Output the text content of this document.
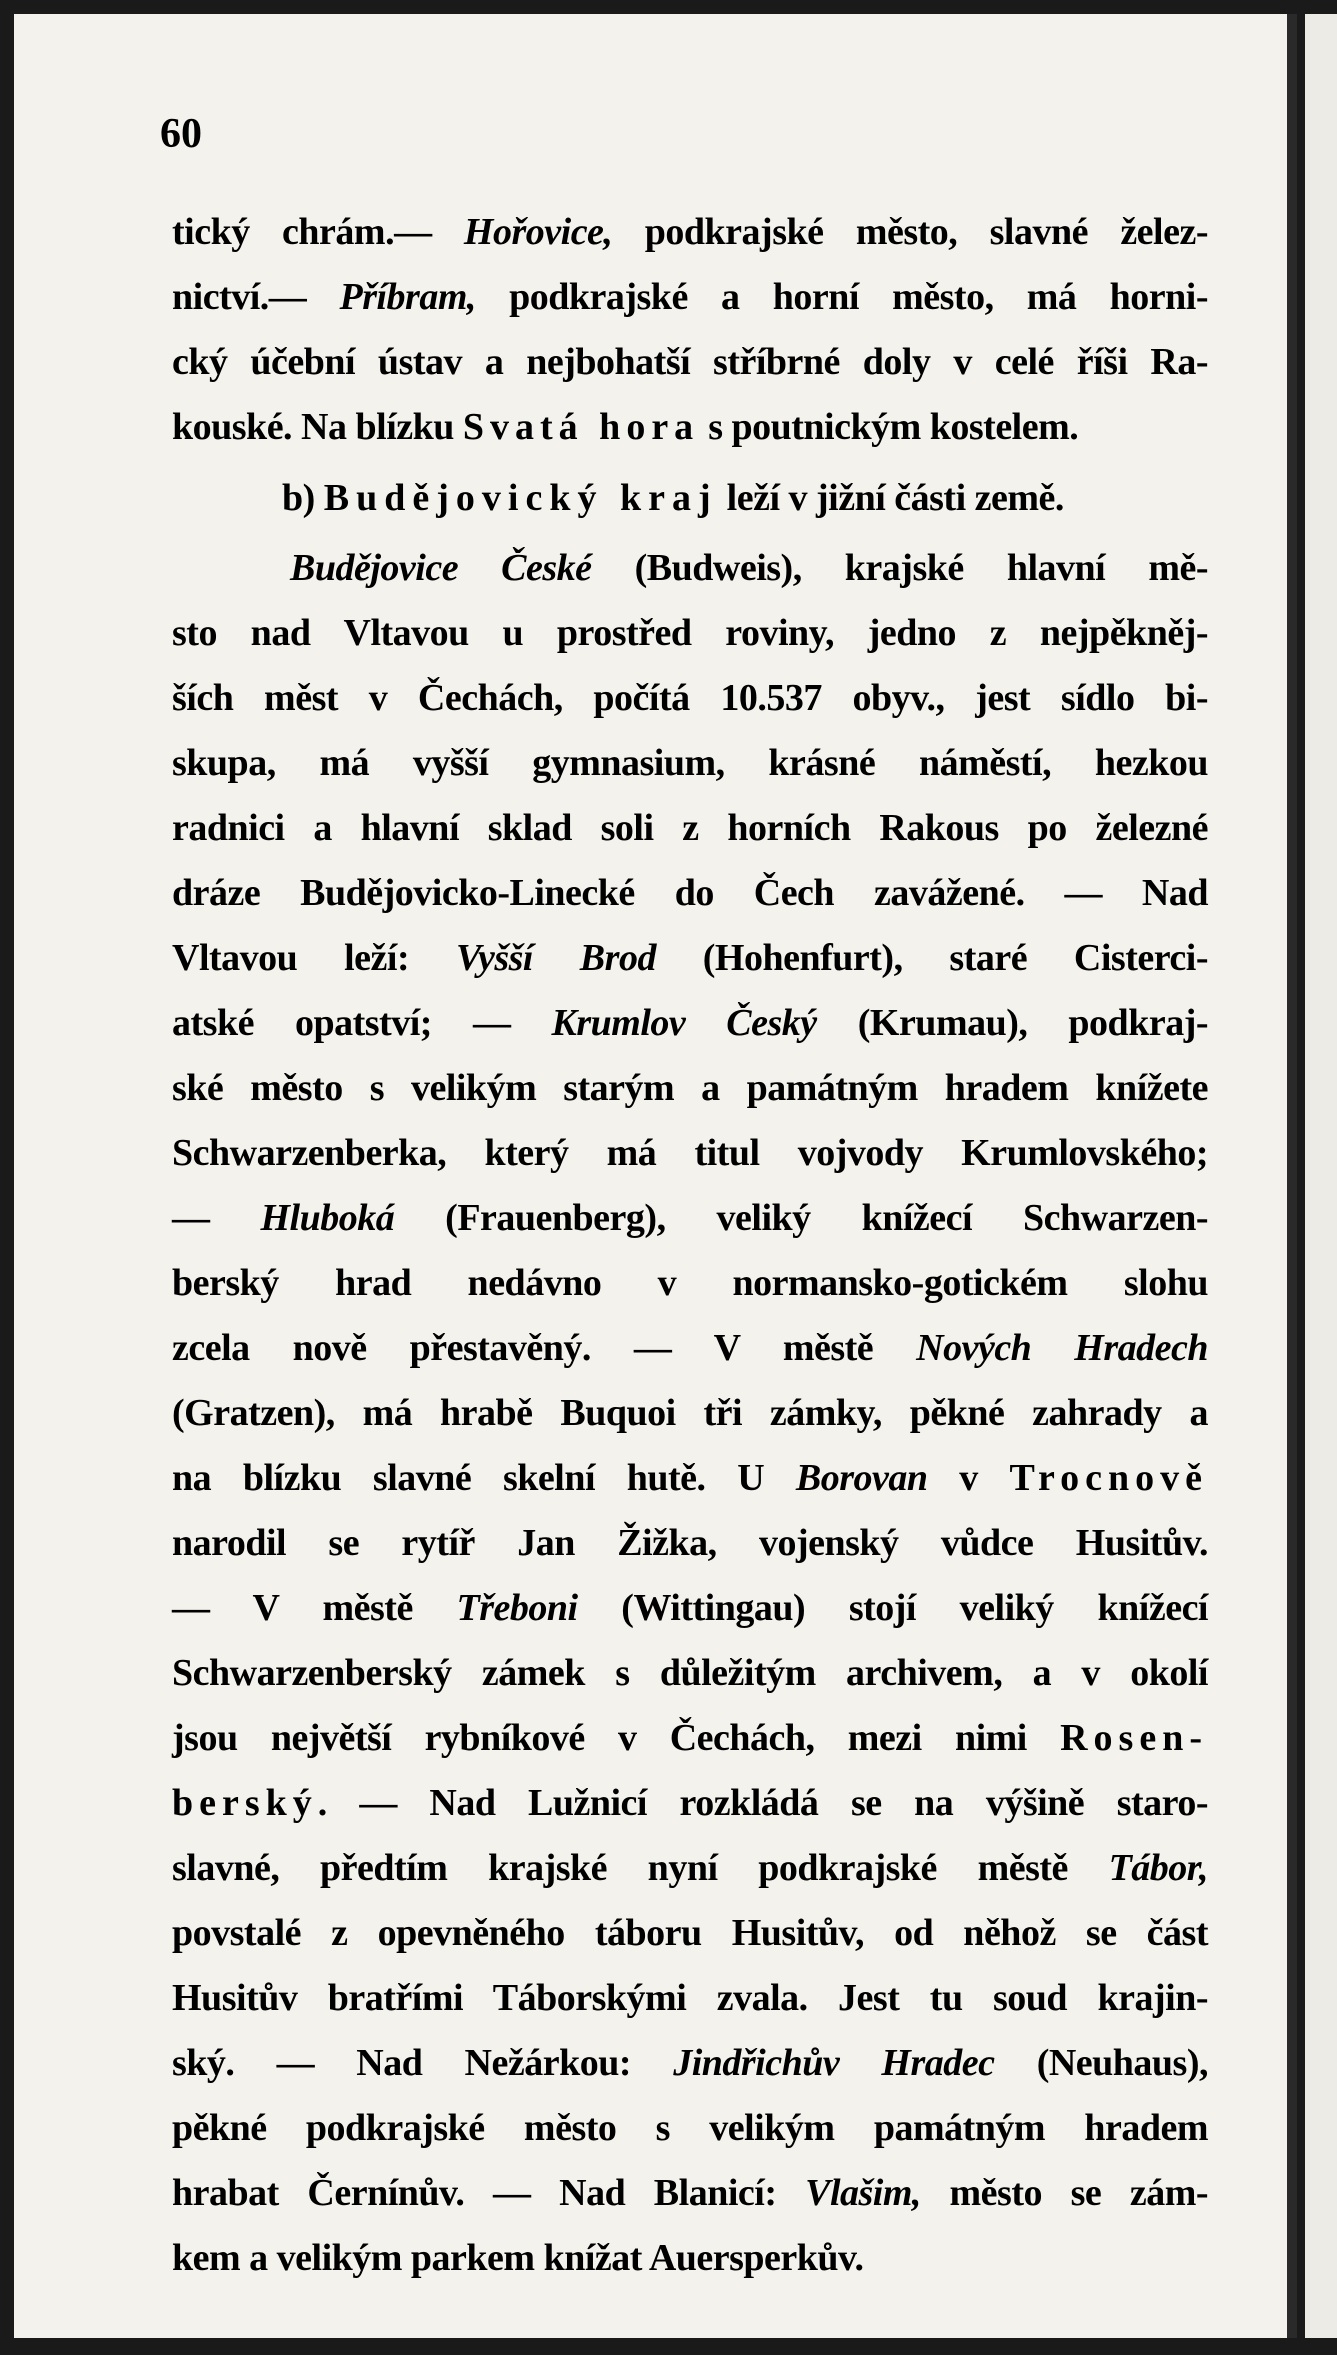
60
tický chrám.— Hořovice, podkrajské město, slavné želez-
nictví.— Příbram, podkrajské a horní město, má horni-
cký účební ústav a nejbohatší stříbrné doly v celé říši Ra-
kouské. Na blízku Svatá hora s poutnickým kostelem.
b) Budějovický kraj leží v jižní části země.
Budějovice České (Budweis), krajské hlavní mě-
sto nad Vltavou u prostřed roviny, jedno z nejpěkněj-
ších měst v Čechách, počítá 10.537 obyv., jest sídlo bi-
skupa, má vyšší gymnasium, krásné náměstí, hezkou
radnici a hlavní sklad soli z horních Rakous po železné
dráze Budějovicko-Linecké do Čech zavážené. — Nad
Vltavou leží: Vyšší Brod (Hohenfurt), staré Cisterci-
atské opatství; — Krumlov Český (Krumau), podkraj-
ské město s velikým starým a památným hradem knížete
Schwarzenberka, který má titul vojvody Krumlovského;
— Hluboká (Frauenberg), veliký knížecí Schwarzen-
berský hrad nedávno v normansko-gotickém slohu
zcela nově přestavěný. — V městě Nových Hradech
(Gratzen), má hrabě Buquoi tři zámky, pěkné zahrady a
na blízku slavné skelní hutě. U Borovan v Trocnově
narodil se rytíř Jan Žižka, vojenský vůdce Husitův.
— V městě Třeboni (Wittingau) stojí veliký knížecí
Schwarzenberský zámek s důležitým archivem, a v okolí
jsou největší rybníkové v Čechách, mezi nimi Rosen-
berský. — Nad Lužnicí rozkládá se na výšině staro-
slavné, předtím krajské nyní podkrajské městě Tábor,
povstalé z opevněného táboru Husitův, od něhož se část
Husitův bratřími Táborskými zvala. Jest tu soud krajin-
ský. — Nad Nežárkou: Jindřichův Hradec (Neuhaus),
pěkné podkrajské město s velikým památným hradem
hrabat Černínův. — Nad Blanicí: Vlašim, město se zám-
kem a velikým parkem knížat Auersperkův.
